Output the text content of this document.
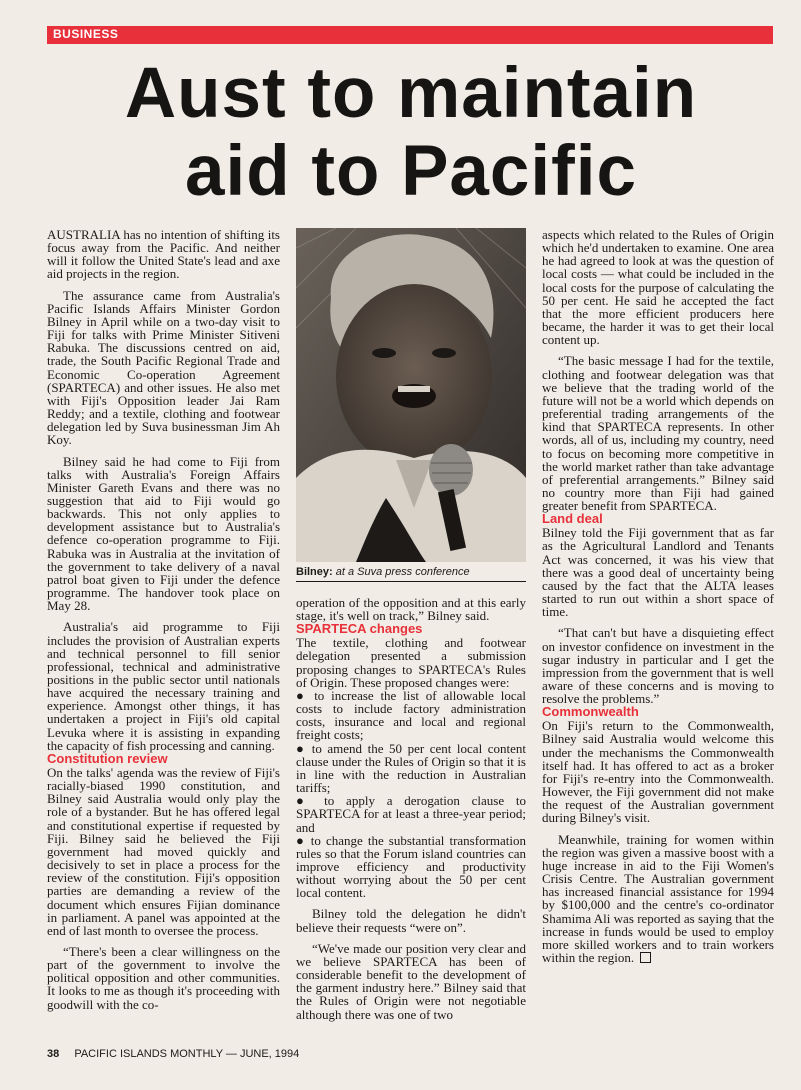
BUSINESS
Aust to maintain
aid to Pacific

AUSTRALIA has no intention of shifting its focus away from the Pacific. And neither will it follow the United State's lead and axe aid projects in the region.

The assurance came from Australia's Pacific Islands Affairs Minister Gordon Bilney in April while on a two-day visit to Fiji for talks with Prime Minister Sitiveni Rabuka. The discussions centred on aid, trade, the South Pacific Regional Trade and Economic Co-operation Agreement (SPARTECA) and other issues. He also met with Fiji's Opposition leader Jai Ram Reddy; and a textile, clothing and footwear delegation led by Suva businessman Jim Ah Koy.

Bilney said he had come to Fiji from talks with Australia's Foreign Affairs Minister Gareth Evans and there was no suggestion that aid to Fiji would go backwards. This not only applies to development assistance but to Australia's defence co-operation programme to Fiji. Rabuka was in Australia at the invitation of the government to take delivery of a naval patrol boat given to Fiji under the defence programme. The handover took place on May 28.

Australia's aid programme to Fiji includes the provision of Australian experts and technical personnel to fill senior professional, technical and administrative positions in the public sector until nationals have acquired the necessary training and experience. Amongst other things, it has undertaken a project in Fiji's old capital Levuka where it is assisting in expanding the capacity of fish processing and canning.

Constitution review

On the talks' agenda was the review of Fiji's racially-biased 1990 constitution, and Bilney said Australia would only play the role of a bystander. But he has offered legal and constitutional expertise if requested by Fiji. Bilney said he believed the Fiji government had moved quickly and decisively to set in place a process for the review of the constitution. Fiji's opposition parties are demanding a review of the document which ensures Fijian dominance in parliament. A panel was appointed at the end of last month to oversee the process.

“There's been a clear willingness on the part of the government to involve the political opposition and other communities. It looks to me as though it's proceeding with goodwill with the co-

Bilney: at a Suva press conference

operation of the opposition and at this early stage, it's well on track,” Bilney said.

SPARTECA changes

The textile, clothing and footwear delegation presented a submission proposing changes to SPARTECA's Rules of Origin. These proposed changes were:

● to increase the list of allowable local costs to include factory administration costs, insurance and local and regional freight costs;

● to amend the 50 per cent local content clause under the Rules of Origin so that it is in line with the reduction in Australian tariffs;

● to apply a derogation clause to SPARTECA for at least a three-year period; and

● to change the substantial transformation rules so that the Forum island countries can improve efficiency and productivity without worrying about the 50 per cent local content.

Bilney told the delegation he didn't believe their requests “were on”.

“We've made our position very clear and we believe SPARTECA has been of considerable benefit to the development of the garment industry here.” Bilney said that the Rules of Origin were not negotiable although there was one of two

aspects which related to the Rules of Origin which he'd undertaken to examine. One area he had agreed to look at was the question of local costs — what could be included in the local costs for the purpose of calculating the 50 per cent. He said he accepted the fact that the more efficient producers here became, the harder it was to get their local content up.

“The basic message I had for the textile, clothing and footwear delegation was that we believe that the trading world of the future will not be a world which depends on preferential trading arrangements of the kind that SPARTECA represents. In other words, all of us, including my country, need to focus on becoming more competitive in the world market rather than take advantage of preferential arrangements.” Bilney said no country more than Fiji had gained greater benefit from SPARTECA.

Land deal

Bilney told the Fiji government that as far as the Agricultural Landlord and Tenants Act was concerned, it was his view that there was a good deal of uncertainty being caused by the fact that the ALTA leases started to run out within a short space of time.

“That can't but have a disquieting effect on investor confidence on investment in the sugar industry in particular and I get the impression from the government that is well aware of these concerns and is moving to resolve the problems.”

Commonwealth

On Fiji's return to the Commonwealth, Bilney said Australia would welcome this under the mechanisms the Commonwealth itself had. It has offered to act as a broker for Fiji's re-entry into the Commonwealth. However, the Fiji government did not make the request of the Australian government during Bilney's visit.

Meanwhile, training for women within the region was given a massive boost with a huge increase in aid to the Fiji Women's Crisis Centre. The Australian government has increased financial assistance for 1994 by $100,000 and the centre's co-ordinator Shamima Ali was reported as saying that the increase in funds would be used to employ more skilled workers and to train workers within the region.

38 PACIFIC ISLANDS MONTHLY — JUNE, 1994
